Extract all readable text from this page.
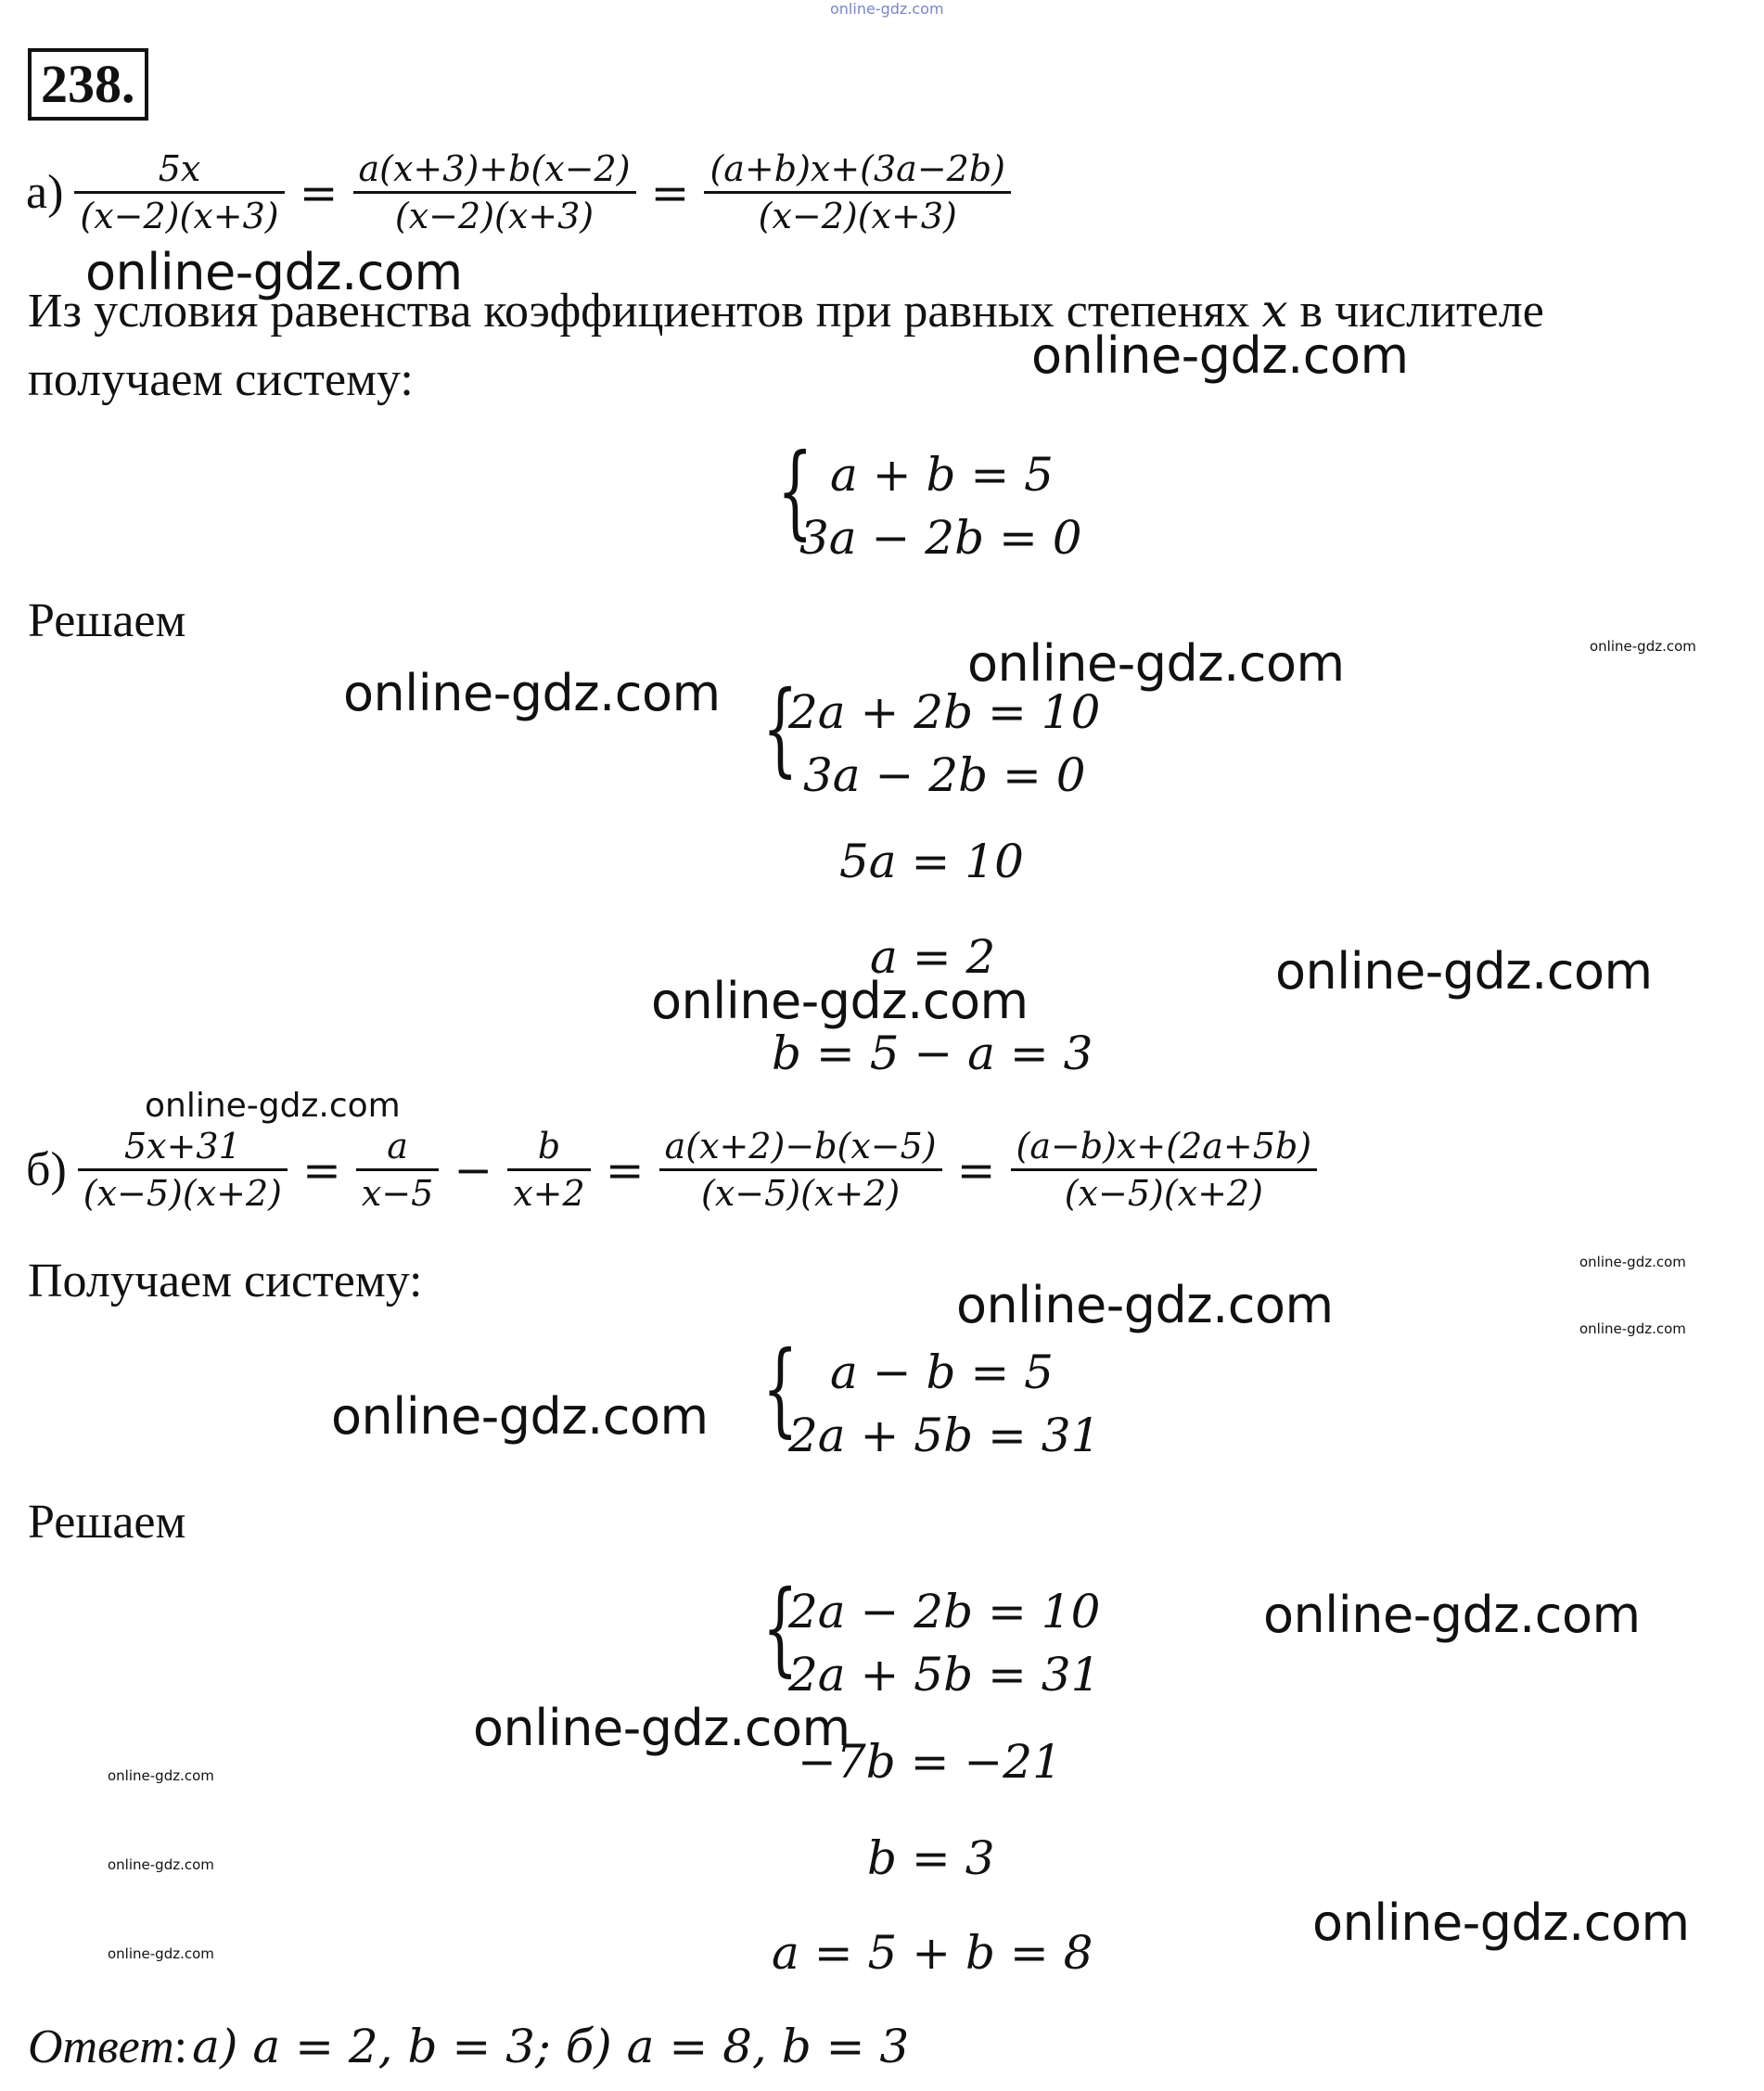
online-gdz.com
238.
$а) \frac{5x}{(x-2)(x+3)} = \frac{a(x+3)+b(x-2)}{(x-2)(x+3)} = \frac{(a+b)x+(3a-2b)}{(x-2)(x+3)}$
Из условия равенства коэффициентов при равных степенях x в числителе
получаем систему:
{ a + b = 5
3a − 2b = 0
Решаем
{
2a + 2b = 10
3a − 2b = 0
5a = 10
a = 2
b = 5 − a = 3
$б) \frac{5x+31}{(x-5)(x+2)} = \frac{a}{x-5} - \frac{b}{x+2} = \frac{a(x+2)-b(x-5)}{(x-5)(x+2)} = \frac{(a-b)x+(2a+5b)}{(x-5)(x+2)}$
Получаем систему:
{ a − b = 5
2a + 5b = 31
Решаем
{
2a − 2b = 10
2a + 5b = 31
−7b = −21
b = 3
a = 5 + b = 8
Ответ: а) a = 2, b = 3; б) a = 8, b = 3
online-gdz.com
online-gdz.com
online-gdz.com
online-gdz.com
online-gdz.com
online-gdz.com
online-gdz.com
online-gdz.com
online-gdz.com
online-gdz.com
online-gdz.com
online-gdz.com
online-gdz.com
online-gdz.com
online-gdz.com
online-gdz.com
online-gdz.com
online-gdz.com
